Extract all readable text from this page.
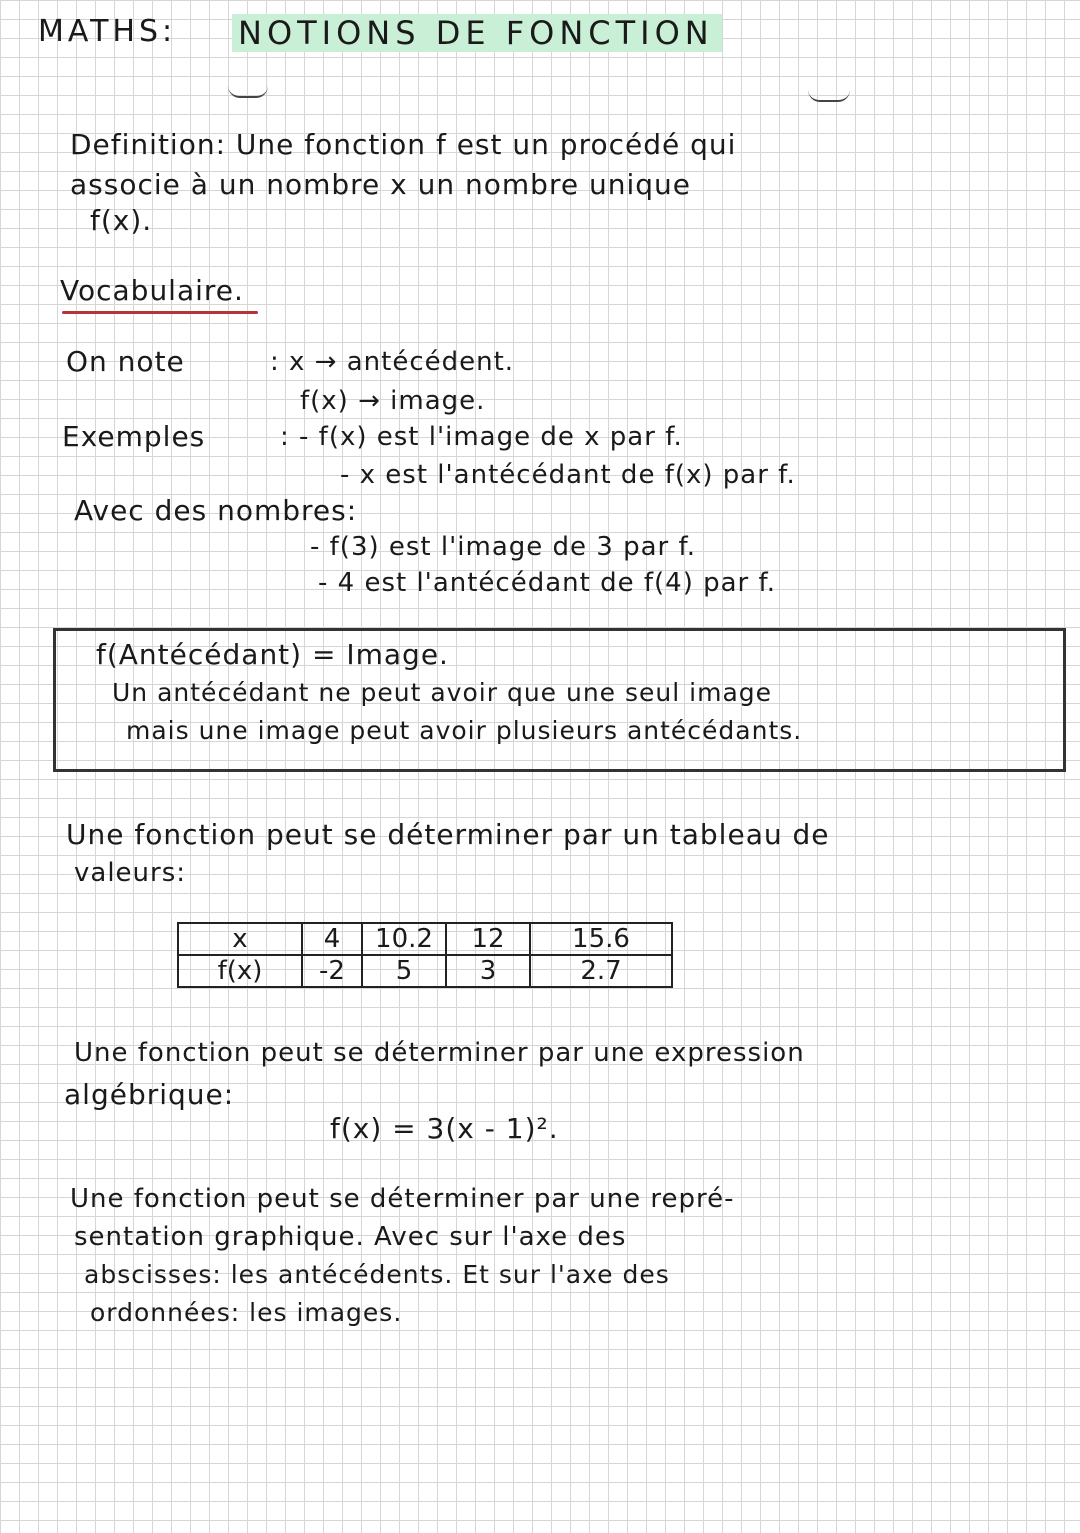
MATHS: NOTIONS DE FONCTION
Definition: Une fonction f est un procédé qui
associe à un nombre x un nombre unique
f(x).
Vocabulaire.
On note	: x → antécédent.
f(x) → image.
Exemples	: - f(x) est l'image de x par f.
- x est l'antécédant de f(x) par f.
Avec des nombres:
- f(3) est l'image de 3 par f.
- 4 est l'antécédant de f(4) par f.
f(Antécédant) = Image.
Un antécédant ne peut avoir que une seul image
mais une image peut avoir plusieurs antécédants.
Une fonction peut se déterminer par un tableau de
valeurs:
x	4	10.2	12	15.6
f(x)	-2	5	3	2.7
Une fonction peut se déterminer par une expression
algébrique:
f(x) = 3(x - 1)².
Une fonction peut se déterminer par une repré-
sentation graphique. Avec sur l'axe des
abscisses: les antécédents. Et sur l'axe des
ordonnées: les images.
